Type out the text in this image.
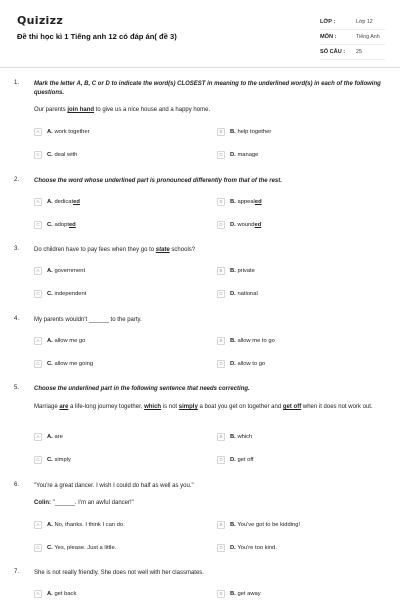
Quizizz
Đề thi học kì 1 Tiếng anh 12 có đáp án( đề 3)
LỚP :	Lớp 12
MÔN :	Tiếng Anh
SỐ CÂU :	25
1. Mark the letter A, B, C or D to indicate the word(s) CLOSEST in meaning to the underlined word(s) in each of the following questions.
Our parents join hand to give us a nice house and a happy home.
A	A. work together	B	B. help together
C	C. deal with	D	D. manage
2. Choose the word whose underlined part is pronounced differently from that of the rest.
A	A. dedicated	B	B. appealed
C	C. adopted	D	D. wounded
3. Do children have to pay fees when they go to state schools?
A	A. government	B	B. private
C	C. independent	D	D. national
4. My parents wouldn't ______ to the party.
A	A. allow me go	B	B. allow me to go
C	C. allow me going	D	D. allow to go
5. Choose the underlined part in the following sentence that needs correcting.
Marriage are a life-long journey together, which is not simply a boat you get on together and get off when it does not work out.
A	A. are	B	B. which
C	C. simply	D	D. get off
6. "You're a great dancer. I wish I could do half as well as you."
Colin: "______. I'm an awful dancer!"
A	A. No, thanks. I think I can do.	B	B. You've got to be kidding!
C	C. Yes, please. Just a little.	D	D. You're too kind.
7. She is not really friendly. She does not well with her classmates.
A	A. get back	B	B. get away
